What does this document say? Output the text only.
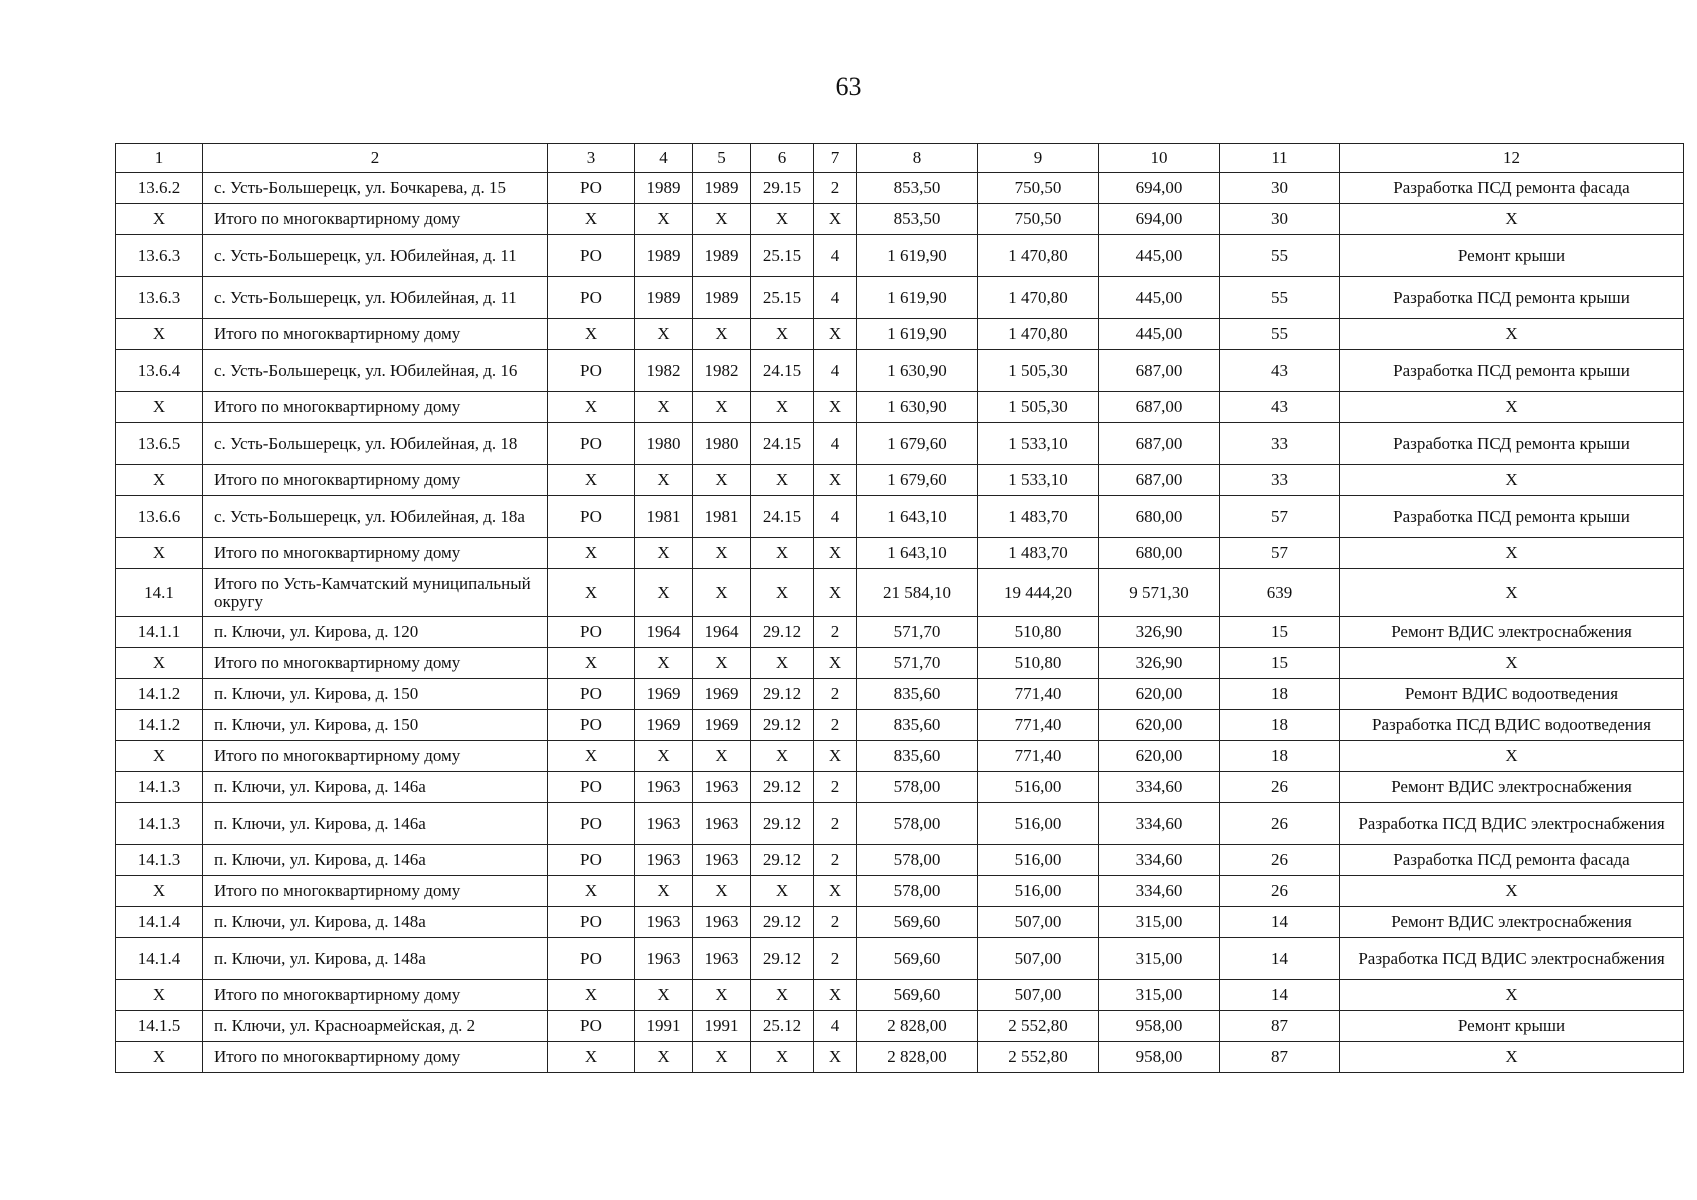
63
1	2	3	4	5	6	7	8	9	10	11	12
13.6.2	с. Усть-Большерецк, ул. Бочкарева, д. 15	РО	1989	1989	29.15	2	853,50	750,50	694,00	30	Разработка ПСД ремонта фасада
Х	Итого по многоквартирному дому	Х	Х	Х	Х	Х	853,50	750,50	694,00	30	Х
13.6.3	с. Усть-Большерецк, ул. Юбилейная, д. 11	РО	1989	1989	25.15	4	1 619,90	1 470,80	445,00	55	Ремонт крыши
13.6.3	с. Усть-Большерецк, ул. Юбилейная, д. 11	РО	1989	1989	25.15	4	1 619,90	1 470,80	445,00	55	Разработка ПСД ремонта крыши
Х	Итого по многоквартирному дому	Х	Х	Х	Х	Х	1 619,90	1 470,80	445,00	55	Х
13.6.4	с. Усть-Большерецк, ул. Юбилейная, д. 16	РО	1982	1982	24.15	4	1 630,90	1 505,30	687,00	43	Разработка ПСД ремонта крыши
Х	Итого по многоквартирному дому	Х	Х	Х	Х	Х	1 630,90	1 505,30	687,00	43	Х
13.6.5	с. Усть-Большерецк, ул. Юбилейная, д. 18	РО	1980	1980	24.15	4	1 679,60	1 533,10	687,00	33	Разработка ПСД ремонта крыши
Х	Итого по многоквартирному дому	Х	Х	Х	Х	Х	1 679,60	1 533,10	687,00	33	Х
13.6.6	с. Усть-Большерецк, ул. Юбилейная, д. 18а	РО	1981	1981	24.15	4	1 643,10	1 483,70	680,00	57	Разработка ПСД ремонта крыши
Х	Итого по многоквартирному дому	Х	Х	Х	Х	Х	1 643,10	1 483,70	680,00	57	Х
14.1	Итого по Усть-Камчатский муниципальный округу	Х	Х	Х	Х	Х	21 584,10	19 444,20	9 571,30	639	Х
14.1.1	п. Ключи, ул. Кирова, д. 120	РО	1964	1964	29.12	2	571,70	510,80	326,90	15	Ремонт ВДИС электроснабжения
Х	Итого по многоквартирному дому	Х	Х	Х	Х	Х	571,70	510,80	326,90	15	Х
14.1.2	п. Ключи, ул. Кирова, д. 150	РО	1969	1969	29.12	2	835,60	771,40	620,00	18	Ремонт ВДИС водоотведения
14.1.2	п. Ключи, ул. Кирова, д. 150	РО	1969	1969	29.12	2	835,60	771,40	620,00	18	Разработка ПСД ВДИС водоотведения
Х	Итого по многоквартирному дому	Х	Х	Х	Х	Х	835,60	771,40	620,00	18	Х
14.1.3	п. Ключи, ул. Кирова, д. 146а	РО	1963	1963	29.12	2	578,00	516,00	334,60	26	Ремонт ВДИС электроснабжения
14.1.3	п. Ключи, ул. Кирова, д. 146а	РО	1963	1963	29.12	2	578,00	516,00	334,60	26	Разработка ПСД ВДИС электроснабжения
14.1.3	п. Ключи, ул. Кирова, д. 146а	РО	1963	1963	29.12	2	578,00	516,00	334,60	26	Разработка ПСД ремонта фасада
Х	Итого по многоквартирному дому	Х	Х	Х	Х	Х	578,00	516,00	334,60	26	Х
14.1.4	п. Ключи, ул. Кирова, д. 148а	РО	1963	1963	29.12	2	569,60	507,00	315,00	14	Ремонт ВДИС электроснабжения
14.1.4	п. Ключи, ул. Кирова, д. 148а	РО	1963	1963	29.12	2	569,60	507,00	315,00	14	Разработка ПСД ВДИС электроснабжения
Х	Итого по многоквартирному дому	Х	Х	Х	Х	Х	569,60	507,00	315,00	14	Х
14.1.5	п. Ключи, ул. Красноармейская, д. 2	РО	1991	1991	25.12	4	2 828,00	2 552,80	958,00	87	Ремонт крыши
Х	Итого по многоквартирному дому	Х	Х	Х	Х	Х	2 828,00	2 552,80	958,00	87	Х
